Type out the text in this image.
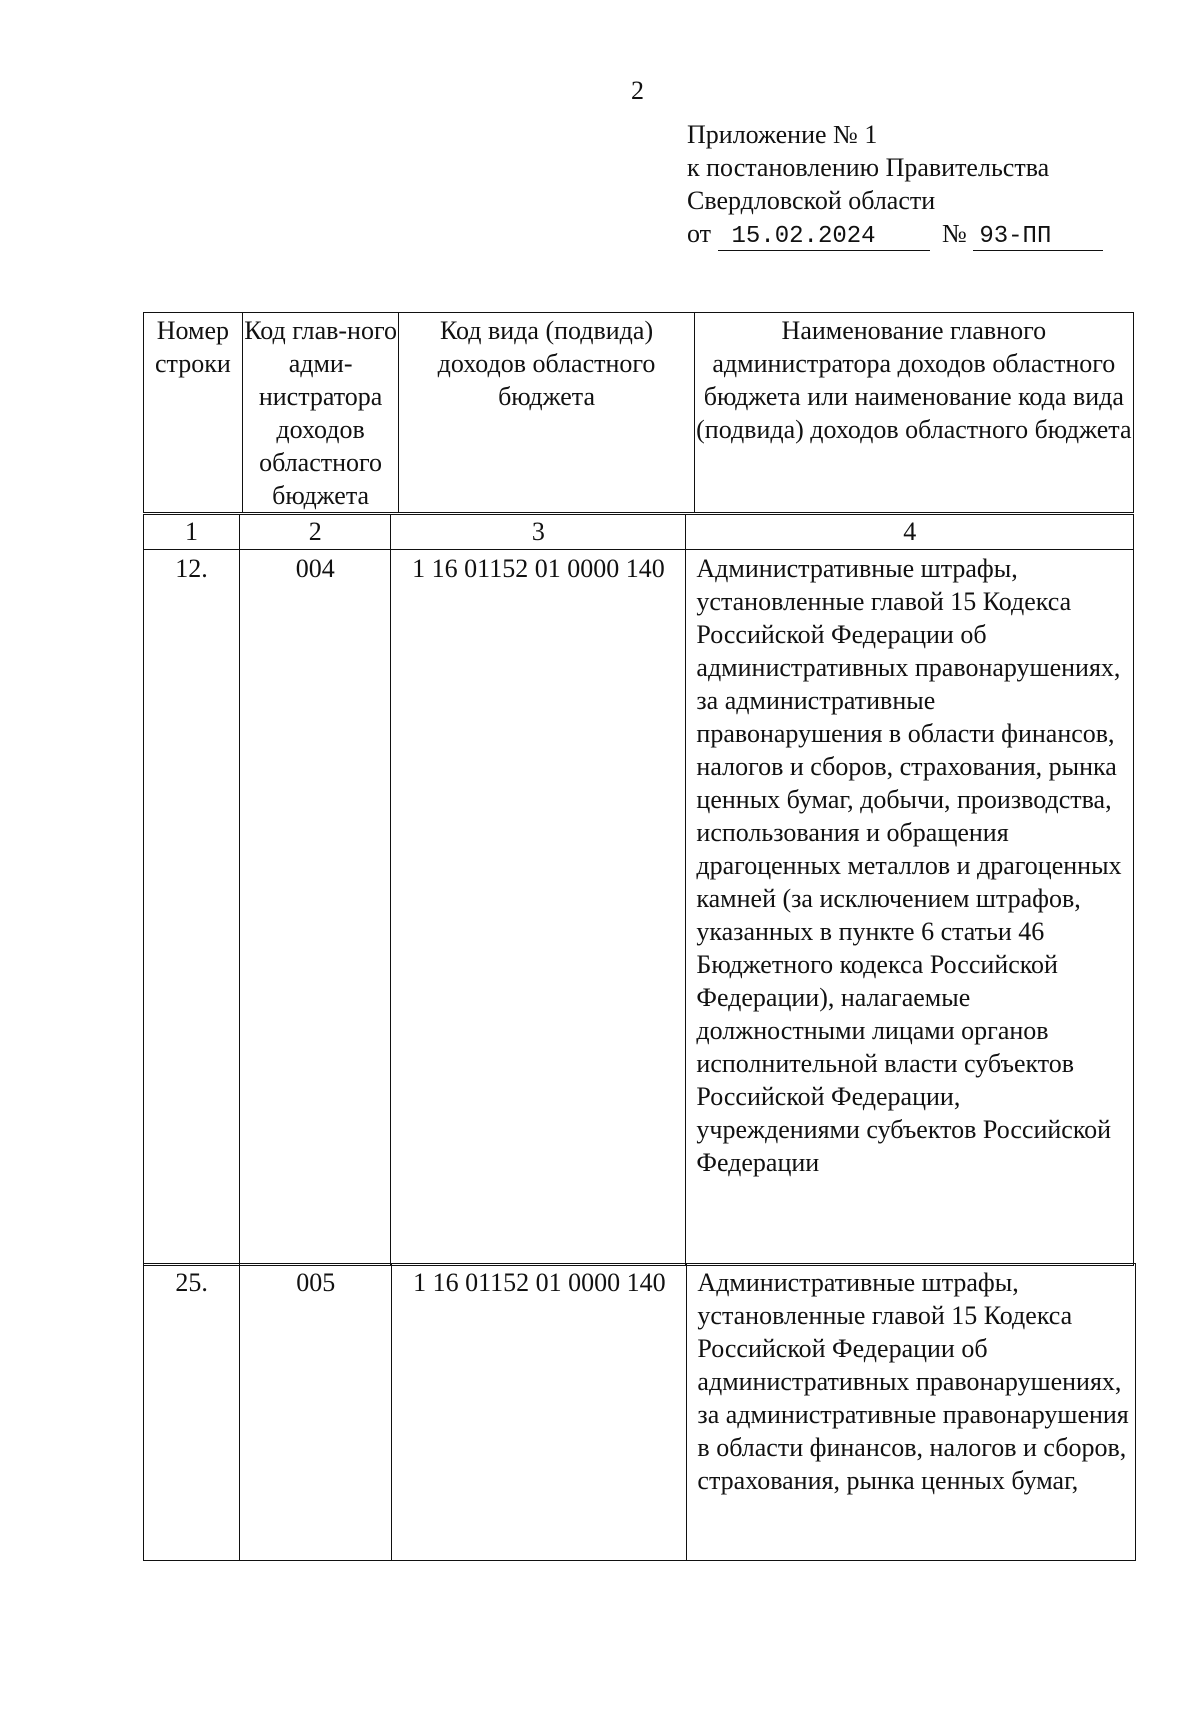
2
Приложение № 1
к постановлению Правительства
Свердловской области
от 15.02.2024	№ 93-ПП
Номер строки	Код глав-ного адми-нистратора доходов областного бюджета	Код вида (подвида) доходов областного бюджета	Наименование главного администратора доходов областного бюджета или наименование кода вида (подвида) доходов областного бюджета
1	2	3	4
12.	004	1 16 01152 01 0000 140	Административные штрафы, установленные главой 15 Кодекса Российской Федерации об административных правонарушениях, за административные правонарушения в области финансов, налогов и сборов, страхования, рынка ценных бумаг, добычи, производства, использования и обращения драгоценных металлов и драгоценных камней (за исключением штрафов, указанных в пункте 6 статьи 46 Бюджетного кодекса Российской Федерации), налагаемые должностными лицами органов исполнительной власти субъектов Российской Федерации, учреждениями субъектов Российской Федерации
25.	005	1 16 01152 01 0000 140	Административные штрафы, установленные главой 15 Кодекса Российской Федерации об административных правонарушениях, за административные правонарушения в области финансов, налогов и сборов, страхования, рынка ценных бумаг,
